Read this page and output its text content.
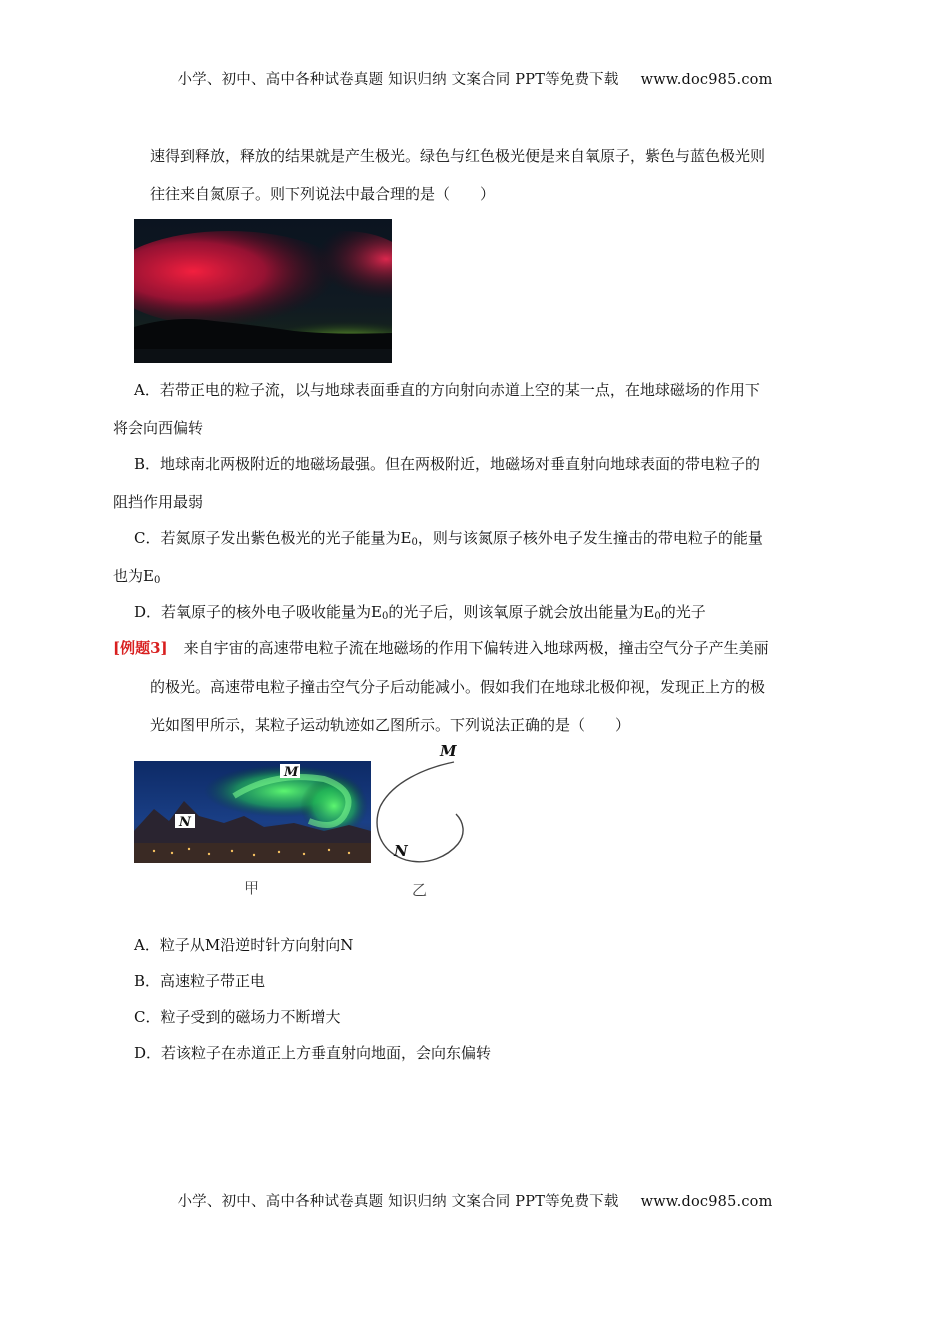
小学、初中、高中各种试卷真题 知识归纳 文案合同 PPT等免费下载 www.doc985.com
速得到释放，释放的结果就是产生极光。绿色与红色极光便是来自氧原子，紫色与蓝色极光则
往往来自氮原子。则下列说法中最合理的是（　　）
A．若带正电的粒子流，以与地球表面垂直的方向射向赤道上空的某一点，在地球磁场的作用下
将会向西偏转
B．地球南北两极附近的地磁场最强。但在两极附近，地磁场对垂直射向地球表面的带电粒子的
阻挡作用最弱
C．若氮原子发出紫色极光的光子能量为$E_0$，则与该氮原子核外电子发生撞击的带电粒子的能量
也为$E_0$
D．若氧原子的核外电子吸收能量为$E_0$的光子后，则该氧原子就会放出能量为$E_0$的光子
[例题3] 来自宇宙的高速带电粒子流在地磁场的作用下偏转进入地球两极，撞击空气分子产生美丽
的极光。高速带电粒子撞击空气分子后动能减小。假如我们在地球北极仰视，发现正上方的极
光如图甲所示，某粒子运动轨迹如乙图所示。下列说法正确的是（　　）
M
N
M
N
甲	乙
A．粒子从M沿逆时针方向射向N
B．高速粒子带正电
C．粒子受到的磁场力不断增大
D．若该粒子在赤道正上方垂直射向地面，会向东偏转
小学、初中、高中各种试卷真题 知识归纳 文案合同 PPT等免费下载 www.doc985.com
